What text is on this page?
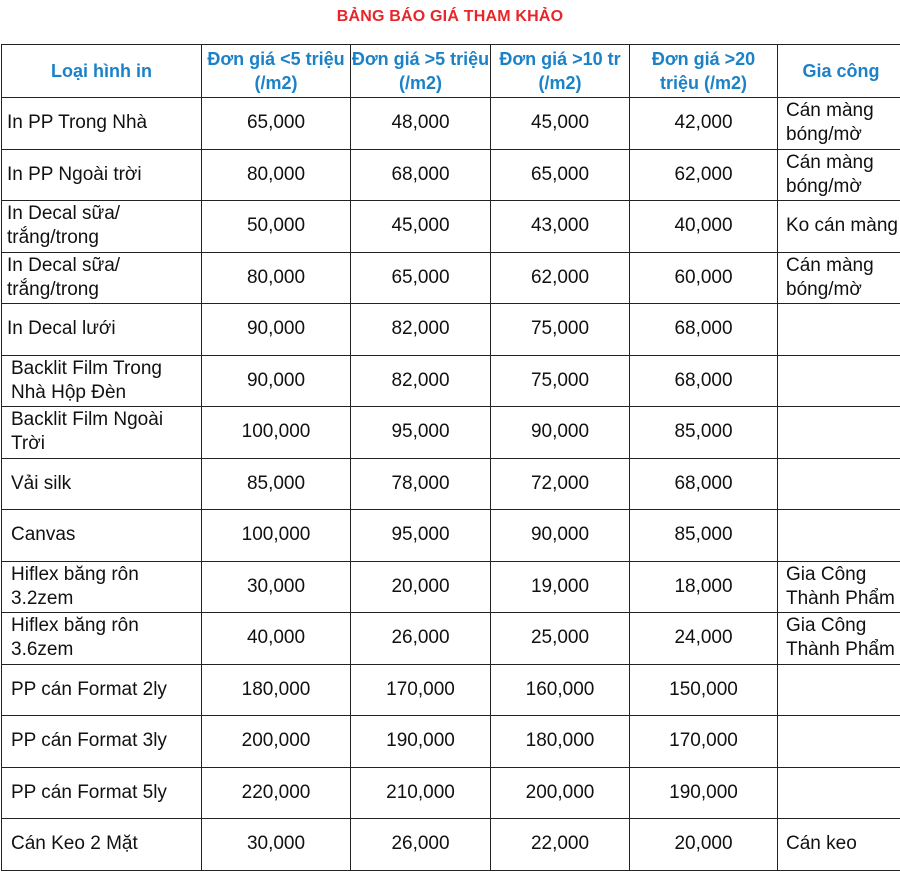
BẢNG BÁO GIÁ THAM KHẢO
Loại hình in	Đơn giá <5 triệu (/m2)	Đơn giá >5 triệu (/m2)	Đơn giá >10 tr (/m2)	Đơn giá >20 triệu (/m2)	Gia công
In PP Trong Nhà	65,000	48,000	45,000	42,000	Cán màng bóng/mờ
In PP Ngoài trời	80,000	68,000	65,000	62,000	Cán màng bóng/mờ
In Decal sữa/ trắng/trong	50,000	45,000	43,000	40,000	Ko cán màng
In Decal sữa/ trắng/trong	80,000	65,000	62,000	60,000	Cán màng bóng/mờ
In Decal lưới	90,000	82,000	75,000	68,000	
Backlit Film Trong Nhà Hộp Đèn	90,000	82,000	75,000	68,000	
Backlit Film Ngoài Trời	100,000	95,000	90,000	85,000	
Vải silk	85,000	78,000	72,000	68,000	
Canvas	100,000	95,000	90,000	85,000	
Hiflex băng rôn 3.2zem	30,000	20,000	19,000	18,000	Gia Công Thành Phẩm
Hiflex băng rôn 3.6zem	40,000	26,000	25,000	24,000	Gia Công Thành Phẩm
PP cán Format 2ly	180,000	170,000	160,000	150,000	
PP cán Format 3ly	200,000	190,000	180,000	170,000	
PP cán Format 5ly	220,000	210,000	200,000	190,000	
Cán Keo 2 Mặt	30,000	26,000	22,000	20,000	Cán keo
